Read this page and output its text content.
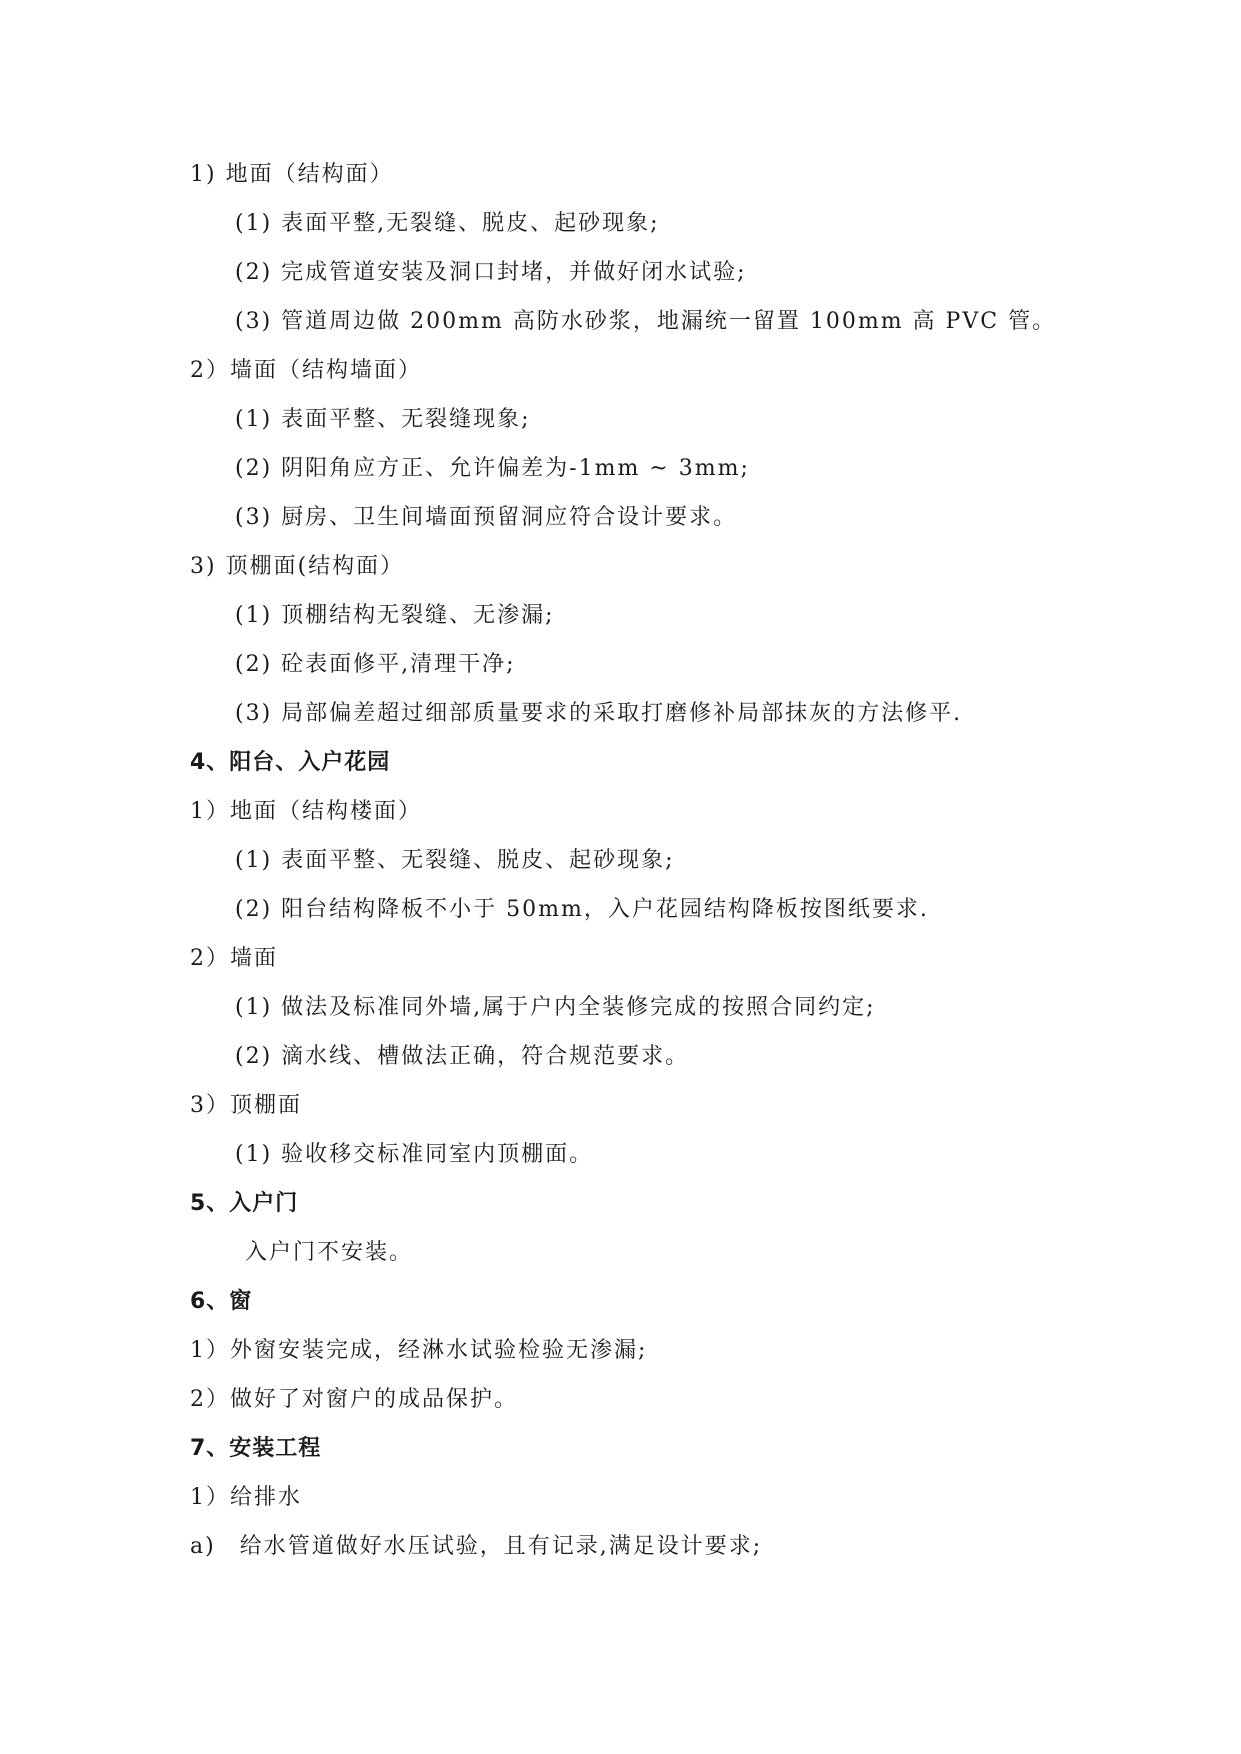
1) 地面（结构面）
(1) 表面平整,无裂缝、脱皮、起砂现象;
(2) 完成管道安装及洞口封堵，并做好闭水试验;
(3) 管道周边做 200mm 高防水砂浆，地漏统一留置 100mm 高 PVC 管。
2）墙面（结构墙面）
(1) 表面平整、无裂缝现象;
(2) 阴阳角应方正、允许偏差为-1mm ~ 3mm;
(3) 厨房、卫生间墙面预留洞应符合设计要求。
3) 顶棚面(结构面）
(1) 顶棚结构无裂缝、无渗漏;
(2) 砼表面修平,清理干净;
(3) 局部偏差超过细部质量要求的采取打磨修补局部抹灰的方法修平.
4、阳台、入户花园
1）地面（结构楼面）
(1) 表面平整、无裂缝、脱皮、起砂现象;
(2) 阳台结构降板不小于 50mm，入户花园结构降板按图纸要求.
2）墙面
(1) 做法及标准同外墙,属于户内全装修完成的按照合同约定;
(2) 滴水线、槽做法正确，符合规范要求。
3）顶棚面
(1) 验收移交标准同室内顶棚面。
5、入户门
入户门不安装。
6、窗
1）外窗安装完成，经淋水试验检验无渗漏;
2）做好了对窗户的成品保护。
7、安装工程
1）给排水
a)　给水管道做好水压试验，且有记录,满足设计要求;
